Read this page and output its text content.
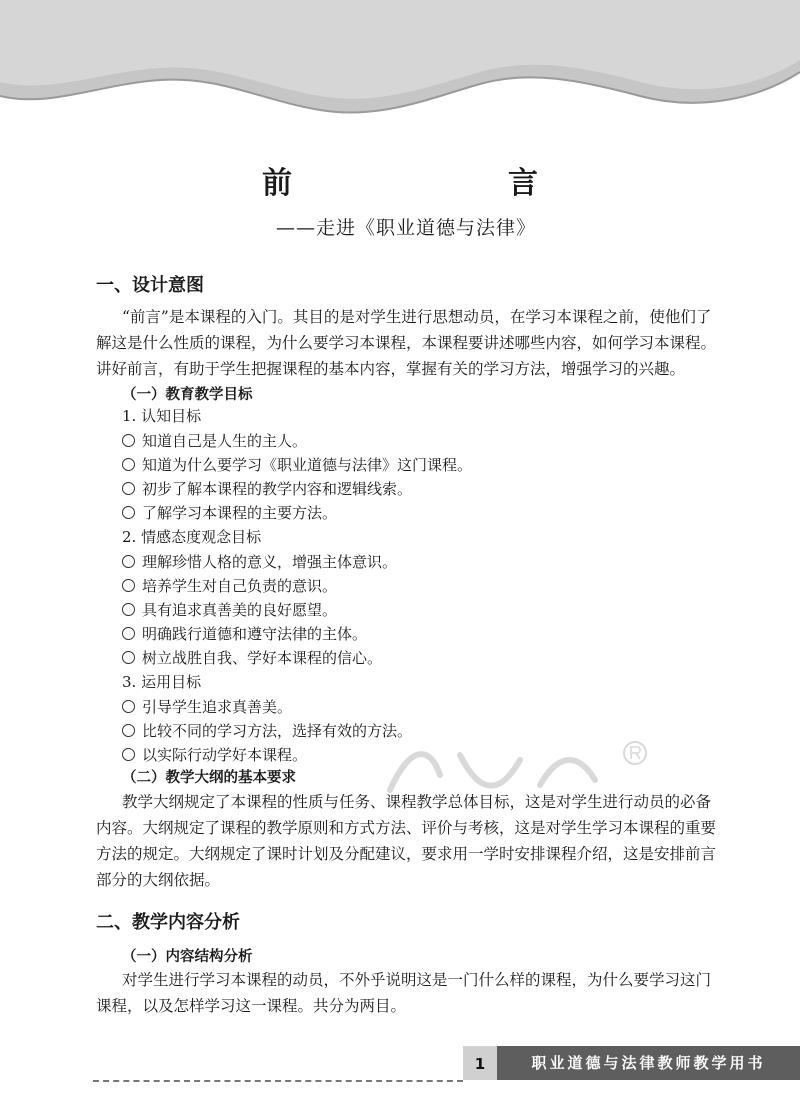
前　　言
——走进《职业道德与法律》
一、设计意图
“前言”是本课程的入门。其目的是对学生进行思想动员，在学习本课程之前，使他们了
解这是什么性质的课程，为什么要学习本课程，本课程要讲述哪些内容，如何学习本课程。
讲好前言，有助于学生把握课程的基本内容，掌握有关的学习方法，增强学习的兴趣。
（一）教育教学目标
1. 认知目标
知道自己是人生的主人。
知道为什么要学习《职业道德与法律》这门课程。
初步了解本课程的教学内容和逻辑线索。
了解学习本课程的主要方法。
2. 情感态度观念目标
理解珍惜人格的意义，增强主体意识。
培养学生对自己负责的意识。
具有追求真善美的良好愿望。
明确践行道德和遵守法律的主体。
树立战胜自我、学好本课程的信心。
3. 运用目标
引导学生追求真善美。
比较不同的学习方法，选择有效的方法。
以实际行动学好本课程。
（二）教学大纲的基本要求
教学大纲规定了本课程的性质与任务、课程教学总体目标，这是对学生进行动员的必备
内容。大纲规定了课程的教学原则和方式方法、评价与考核，这是对学生学习本课程的重要
方法的规定。大纲规定了课时计划及分配建议，要求用一学时安排课程介绍，这是安排前言
部分的大纲依据。
二、教学内容分析
（一）内容结构分析
对学生进行学习本课程的动员，不外乎说明这是一门什么样的课程，为什么要学习这门
课程，以及怎样学习这一课程。共分为两目。
1	职业道德与法律教师教学用书
